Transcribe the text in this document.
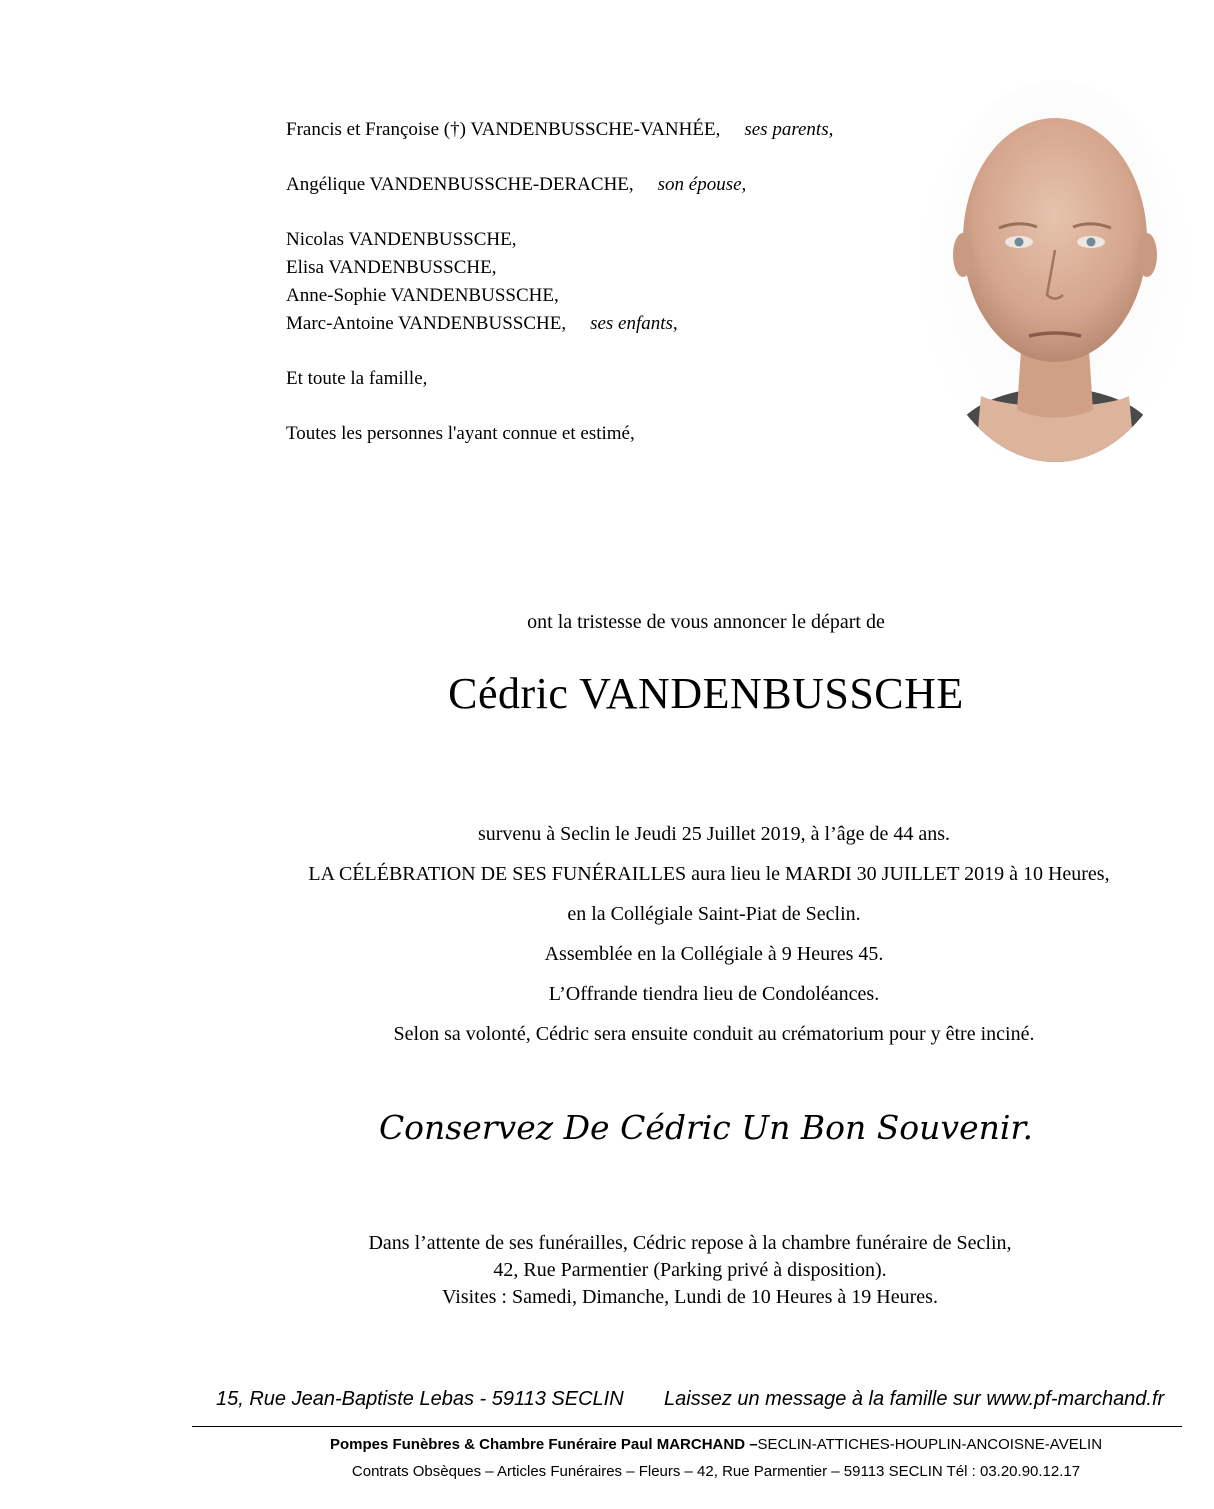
Francis et Françoise (†) VANDENBUSSCHE-VANHÉE, ses parents,
Angélique VANDENBUSSCHE-DERACHE, son épouse,
Nicolas VANDENBUSSCHE,
Elisa VANDENBUSSCHE,
Anne-Sophie VANDENBUSSCHE,
Marc-Antoine VANDENBUSSCHE, ses enfants,
Et toute la famille,
Toutes les personnes l'ayant connue et estimé,
ont la tristesse de vous annoncer le départ de
Cédric VANDENBUSSCHE
survenu à Seclin le Jeudi 25 Juillet 2019, à l’âge de 44 ans.
LA CÉLÉBRATION DE SES FUNÉRAILLES aura lieu le MARDI 30 JUILLET 2019 à 10 Heures,
en la Collégiale Saint-Piat de Seclin.
Assemblée en la Collégiale à 9 Heures 45.
L’Offrande tiendra lieu de Condoléances.
Selon sa volonté, Cédric sera ensuite conduit au crématorium pour y être inciné.
Conservez De Cédric Un Bon Souvenir.
Dans l’attente de ses funérailles, Cédric repose à la chambre funéraire de Seclin,
42, Rue Parmentier (Parking privé à disposition).
Visites : Samedi, Dimanche, Lundi de 10 Heures à 19 Heures.
15, Rue Jean-Baptiste Lebas - 59113 SECLIN Laissez un message à la famille sur www.pf-marchand.fr
Pompes Funèbres & Chambre Funéraire Paul MARCHAND –SECLIN-ATTICHES-HOUPLIN-ANCOISNE-AVELIN
Contrats Obsèques – Articles Funéraires – Fleurs – 42, Rue Parmentier – 59113 SECLIN Tél : 03.20.90.12.17
